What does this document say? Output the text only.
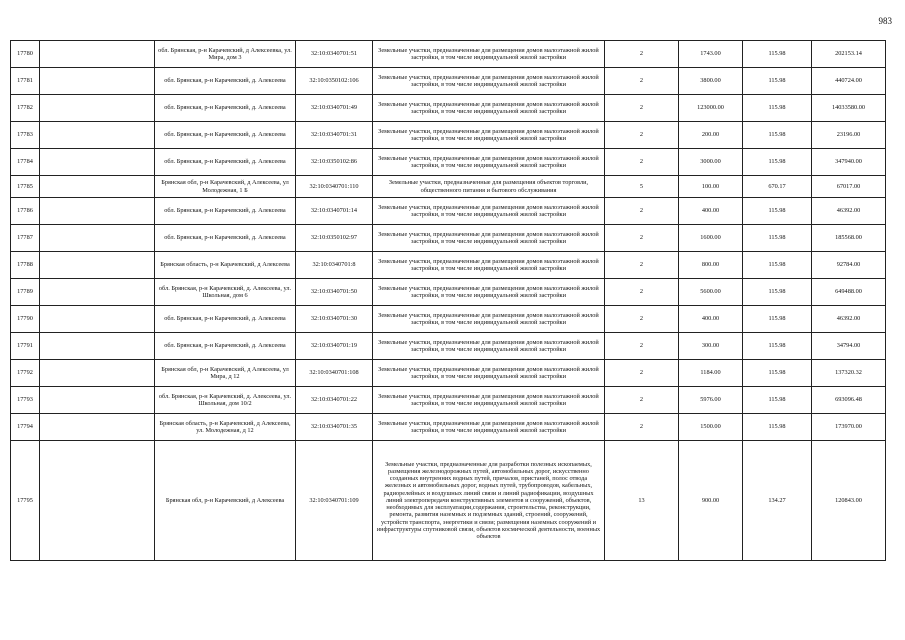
983
17780		обл. Брянская, р-н Карачевский, д Алексеевка, ул. Мира, дом 3	32:10:0340701:51	Земельные участки, предназначенные для размещения домов малоэтажной жилой застройки, в том числе индивидуальной жилой застройки	2	1743.00	115.98	202153.14
17781		обл. Брянская, р-н Карачевский, д. Алексеева	32:10:0350102:106	Земельные участки, предназначенные для размещения домов малоэтажной жилой застройки, в том числе индивидуальной жилой застройки	2	3800.00	115.98	440724.00
17782		обл. Брянская, р-н Карачевский, д. Алексеева	32:10:0340701:49	Земельные участки, предназначенные для размещения домов малоэтажной жилой застройки, в том числе индивидуальной жилой застройки	2	123000.00	115.98	14033580.00
17783		обл. Брянская, р-н Карачевский, д. Алексеева	32:10:0340701:31	Земельные участки, предназначенные для размещения домов малоэтажной жилой застройки, в том числе индивидуальной жилой застройки	2	200.00	115.98	23196.00
17784		обл. Брянская, р-н Карачевский, д. Алексеева	32:10:0350102:86	Земельные участки, предназначенные для размещения домов малоэтажной жилой застройки, в том числе индивидуальной жилой застройки	2	3000.00	115.98	347940.00
17785		Брянская обл, р-н Карачевский, д Алексеева, ул Молодежная, 1 Б	32:10:0340701:110	Земельные участки, предназначенные для размещения объектов торговли, общественного питания и бытового обслуживания	5	100.00	670.17	67017.00
17786		обл. Брянская, р-н Карачевский, д. Алексеева	32:10:0340701:14	Земельные участки, предназначенные для размещения домов малоэтажной жилой застройки, в том числе индивидуальной жилой застройки	2	400.00	115.98	46392.00
17787		обл. Брянская, р-н Карачевский, д. Алексеева	32:10:0350102:97	Земельные участки, предназначенные для размещения домов малоэтажной жилой застройки, в том числе индивидуальной жилой застройки	2	1600.00	115.98	185568.00
17788		Брянская область, р-н Карачевский, д Алексеева	32:10:0340701:8	Земельные участки, предназначенные для размещения домов малоэтажной жилой застройки, в том числе индивидуальной жилой застройки	2	800.00	115.98	92784.00
17789		обл. Брянская, р-н Карачевский, д. Алексеева, ул. Школьная, дом 6	32:10:0340701:50	Земельные участки, предназначенные для размещения домов малоэтажной жилой застройки, в том числе индивидуальной жилой застройки	2	5600.00	115.98	649488.00
17790		обл. Брянская, р-н Карачевский, д. Алексеева	32:10:0340701:30	Земельные участки, предназначенные для размещения домов малоэтажной жилой застройки, в том числе индивидуальной жилой застройки	2	400.00	115.98	46392.00
17791		обл. Брянская, р-н Карачевский, д. Алексеева	32:10:0340701:19	Земельные участки, предназначенные для размещения домов малоэтажной жилой застройки, в том числе индивидуальной жилой застройки	2	300.00	115.98	34794.00
17792		Брянская обл, р-н Карачевский, д Алексеева, ул Мира, д 12	32:10:0340701:108	Земельные участки, предназначенные для размещения домов малоэтажной жилой застройки, в том числе индивидуальной жилой застройки	2	1184.00	115.98	137320.32
17793		обл. Брянская, р-н Карачевский, д. Алексеева, ул. Школьная, дом 10/2	32:10:0340701:22	Земельные участки, предназначенные для размещения домов малоэтажной жилой застройки, в том числе индивидуальной жилой застройки	2	5976.00	115.98	693096.48
17794		Брянская область, р-н Карачевский, д Алексеева, ул. Молодежная, д 12	32:10:0340701:35	Земельные участки, предназначенные для размещения домов малоэтажной жилой застройки, в том числе индивидуальной жилой застройки	2	1500.00	115.98	173970.00
17795		Брянская обл, р-н Карачевский, д Алексеева	32:10:0340701:109	Земельные участки, предназначенные для разработки полезных ископаемых, размещения железнодорожных путей, автомобильных дорог, искусственно созданных внутренних водных путей, причалов, пристаней, полос отвода железных и автомобильных дорог, водных путей, трубопроводов, кабельных, радиорелейных и воздушных линий связи и линий радиофикации, воздушных линий электропередачи конструктивных элементов и сооружений, объектов, необходимых для эксплуатации,содержания, строительства, реконструкции, ремонта, развития наземных и подземных зданий, строений, сооружений, устройств транспорта, энергетики и связи; размещения наземных сооружений и инфраструктуры спутниковой связи, объектов космической деятельности, военных объектов	13	900.00	134.27	120843.00
